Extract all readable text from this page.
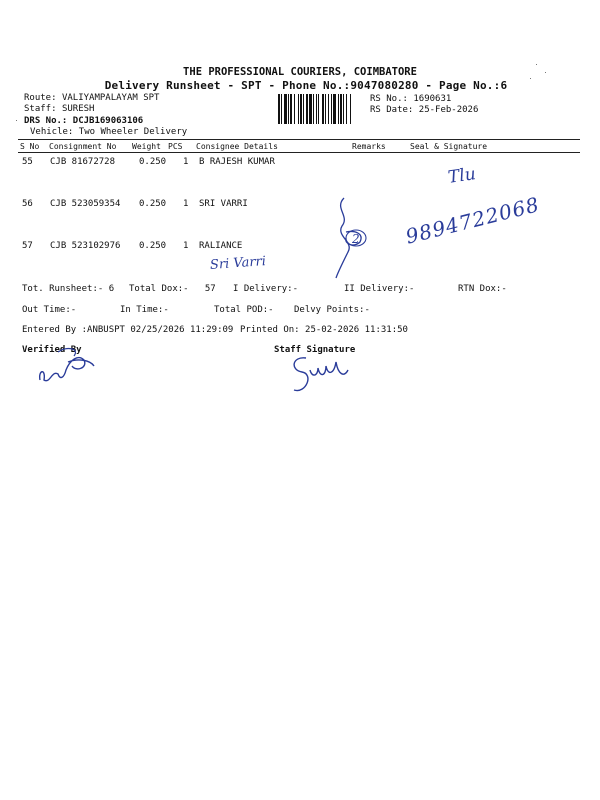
THE PROFESSIONAL COURIERS, COIMBATORE
Delivery Runsheet - SPT - Phone No.:9047080280 - Page No.:6
Route: VALIYAMPALAYAM SPT
Staff: SURESH
DRS No.: DCJB169063106
Vehicle: Two Wheeler Delivery
RS No.: 1690631
RS Date: 25-Feb-2026
S No Consignment No Weight PCS Consignee Details	Remarks	Seal & Signature
55 CJB 81672728	0.250 1 B RAJESH KUMAR
56 CJB 523059354 0.250 1 SRI VARRI
57 CJB 523102976 0.250 1 RALIANCE
Tlu
9894722068
Sri Varri
2
Tot. Runsheet:- 6 Total Dox:-   57 I Delivery:-	II Delivery:-	RTN Dox:-
Out Time:-	In Time:-	Total POD:- Delvy Points:-
Entered By :ANBUSPT 02/25/2026 11:29:09 Printed On: 25-02-2026 11:31:50
Verified By	Staff Signature
